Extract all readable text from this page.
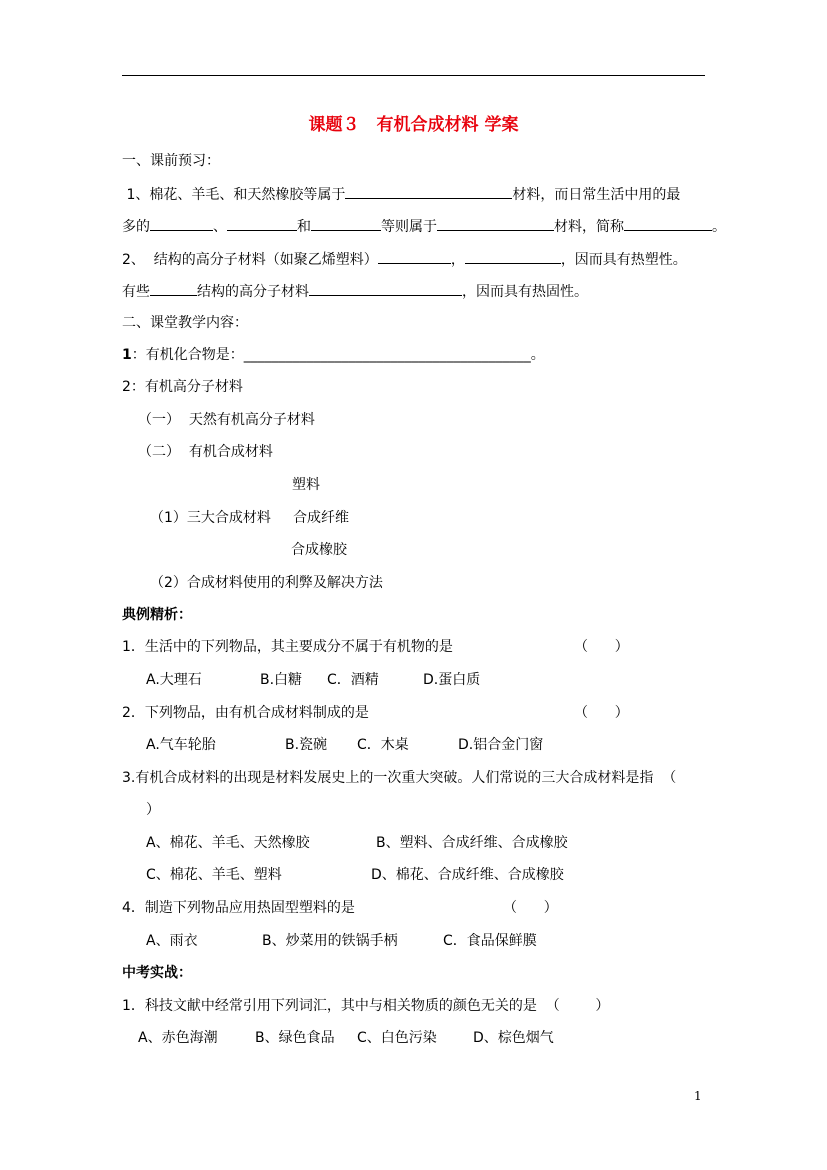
课题３　有机合成材料 学案
一、课前预习：
1、棉花、羊毛、和天然橡胶等属于	材料，而日常生活中用的最
多的	、	和	等则属于	材料，简称	。
2、  结构的高分子材料（如聚乙烯塑料）	，	，因而具有热塑性。
有些	结构的高分子材料	，因而具有热固性。
二、课堂教学内容：
1：有机化合物是：_________________________________________。
2：有机高分子材料
（一）  天然有机高分子材料
（二）  有机合成材料
塑料
（1）三大合成材料 合成纤维
合成橡胶
（2）合成材料使用的利弊及解决方法
典例精析：
1．生活中的下列物品，其主要成分不属于有机物的是	（      ）
A.大理石	B.白糖 C．酒精	D.蛋白质
2．下列物品，由有机合成材料制成的是	（      ）
A.气车轮胎	B.瓷碗 C．木桌	D.铝合金门窗
3.有机合成材料的出现是材料发展史上的一次重大突破。人们常说的三大合成材料是指  （
）
A、棉花、羊毛、天然橡胶	B、塑料、合成纤维、合成橡胶
C、棉花、羊毛、塑料	D、棉花、合成纤维、合成橡胶
4．制造下列物品应用热固型塑料的是	（      ）
A、雨衣	B、炒菜用的铁锅手柄	C．食品保鲜膜
中考实战：
1．科技文献中经常引用下列词汇，其中与相关物质的颜色无关的是  （        ）
A、赤色海潮	B、绿色食品 C、白色污染	D、棕色烟气
1
